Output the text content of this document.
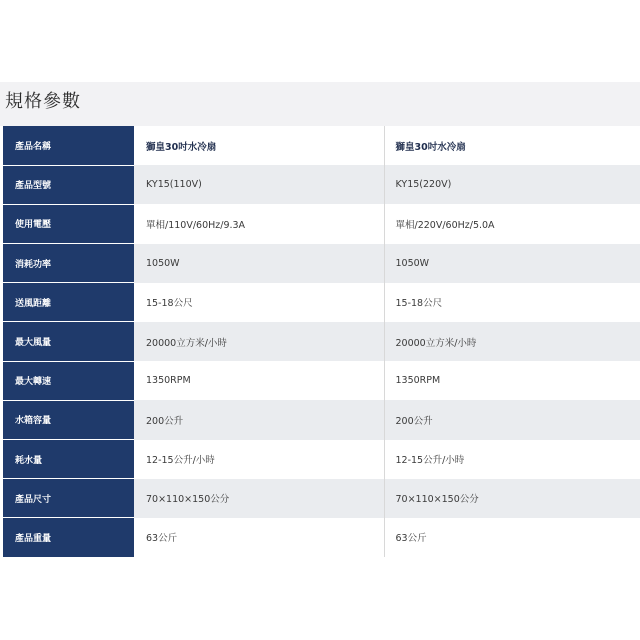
規格參數
產品名稱	獅皇30吋水冷扇	獅皇30吋水冷扇
產品型號	KY15(110V)	KY15(220V)
使用電壓	單相/110V/60Hz/9.3A	單相/220V/60Hz/5.0A
消耗功率	1050W	1050W
送風距離	15-18公尺	15-18公尺
最大風量	20000立方米/小時	20000立方米/小時
最大轉速	1350RPM	1350RPM
水箱容量	200公升	200公升
耗水量	12-15公升/小時	12-15公升/小時
產品尺寸	70×110×150公分	70×110×150公分
產品重量	63公斤	63公斤
